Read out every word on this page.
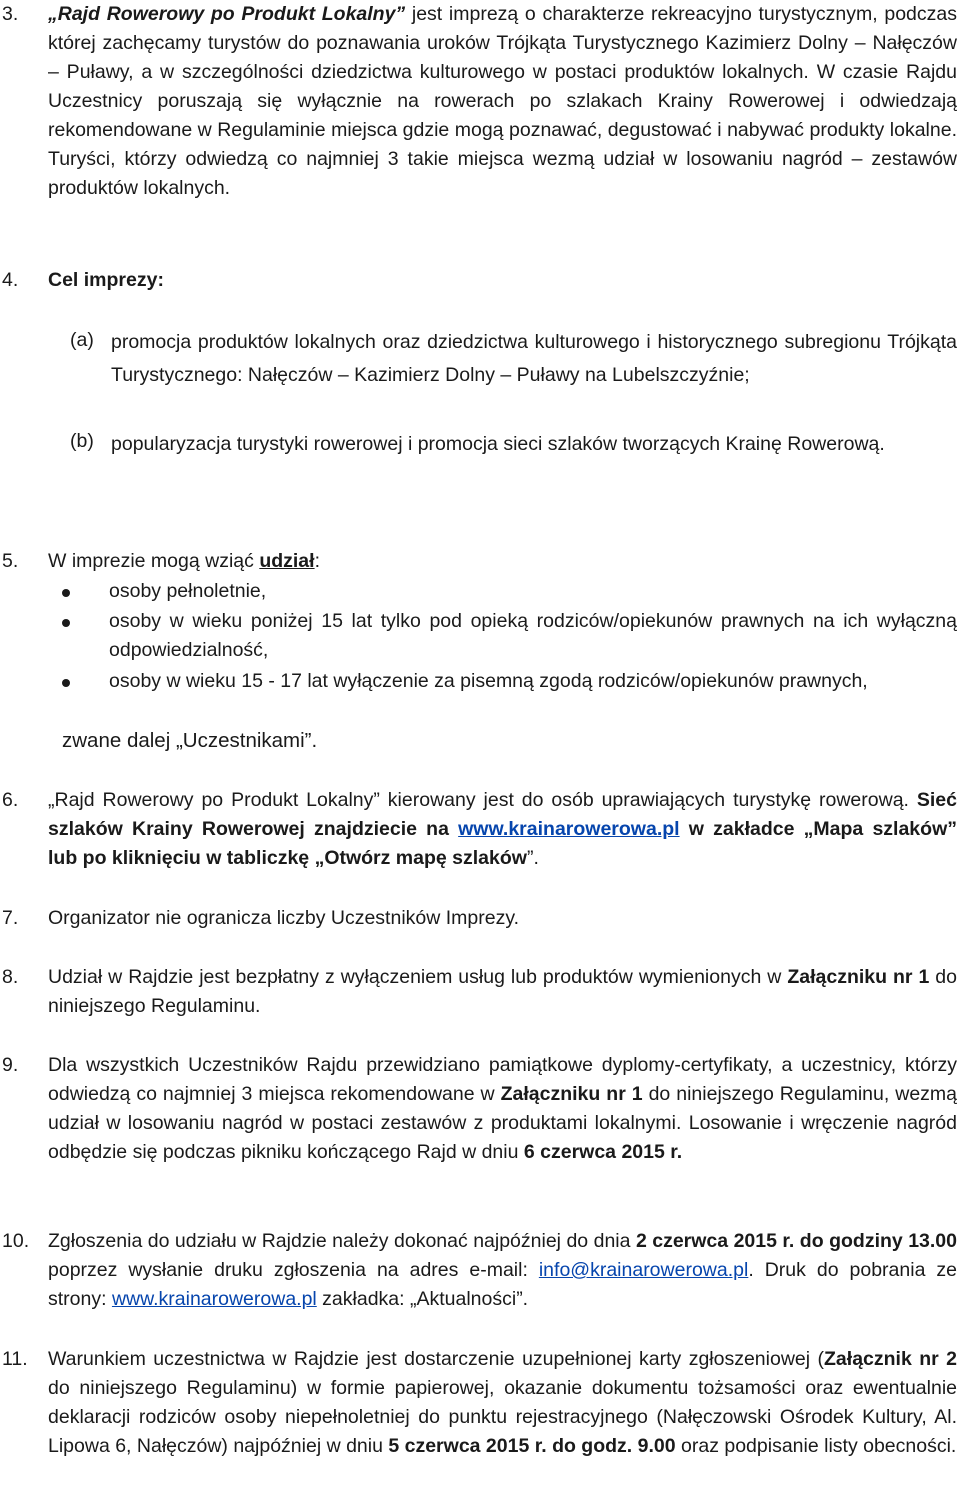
3. „Rajd Rowerowy po Produkt Lokalny” jest imprezą o charakterze rekreacyjno turystycznym, podczas której zachęcamy turystów do poznawania uroków Trójkąta Turystycznego Kazimierz Dolny – Nałęczów – Puławy, a w szczególności dziedzictwa kulturowego w postaci produktów lokalnych. W czasie Rajdu Uczestnicy poruszają się wyłącznie na rowerach po szlakach Krainy Rowerowej i odwiedzają rekomendowane w Regulaminie miejsca gdzie mogą poznawać, degustować i nabywać produkty lokalne. Turyści, którzy odwiedzą co najmniej 3 takie miejsca wezmą udział w losowaniu nagród – zestawów produktów lokalnych.
4. Cel imprezy:
(a) promocja produktów lokalnych oraz dziedzictwa kulturowego i historycznego subregionu Trójkąta Turystycznego: Nałęczów – Kazimierz Dolny – Puławy na Lubelszczyźnie;
(b) popularyzacja turystyki rowerowej i promocja sieci szlaków tworzących Krainę Rowerową.
5. W imprezie mogą wziąć udział:
osoby pełnoletnie,
osoby w wieku poniżej 15 lat tylko pod opieką rodziców/opiekunów prawnych na ich wyłączną odpowiedzialność,
osoby w wieku 15 - 17 lat wyłączenie za pisemną zgodą rodziców/opiekunów prawnych,
zwane dalej „Uczestnikami”.
6. „Rajd Rowerowy po Produkt Lokalny” kierowany jest do osób uprawiających turystykę rowerową. Sieć szlaków Krainy Rowerowej znajdziecie na www.krainarowerowa.pl w zakładce „Mapa szlaków” lub po kliknięciu w tabliczkę „Otwórz mapę szlaków”.
7. Organizator nie ogranicza liczby Uczestników Imprezy.
8. Udział w Rajdzie jest bezpłatny z wyłączeniem usług lub produktów wymienionych w Załączniku nr 1 do niniejszego Regulaminu.
9. Dla wszystkich Uczestników Rajdu przewidziano pamiątkowe dyplomy-certyfikaty, a uczestnicy, którzy odwiedzą co najmniej 3 miejsca rekomendowane w Załączniku nr 1 do niniejszego Regulaminu, wezmą udział w losowaniu nagród w postaci zestawów z produktami lokalnymi. Losowanie i wręczenie nagród odbędzie się podczas pikniku kończącego Rajd w dniu 6 czerwca 2015 r.
10. Zgłoszenia do udziału w Rajdzie należy dokonać najpóźniej do dnia 2 czerwca 2015 r. do godziny 13.00 poprzez wysłanie druku zgłoszenia na adres e-mail: info@krainarowerowa.pl. Druk do pobrania ze strony: www.krainarowerowa.pl zakładka: „Aktualności”.
11. Warunkiem uczestnictwa w Rajdzie jest dostarczenie uzupełnionej karty zgłoszeniowej (Załącznik nr 2 do niniejszego Regulaminu) w formie papierowej, okazanie dokumentu tożsamości oraz ewentualnie deklaracji rodziców osoby niepełnoletniej do punktu rejestracyjnego (Nałęczowski Ośrodek Kultury, Al. Lipowa 6, Nałęczów) najpóźniej w dniu 5 czerwca 2015 r. do godz. 9.00 oraz podpisanie listy obecności.
